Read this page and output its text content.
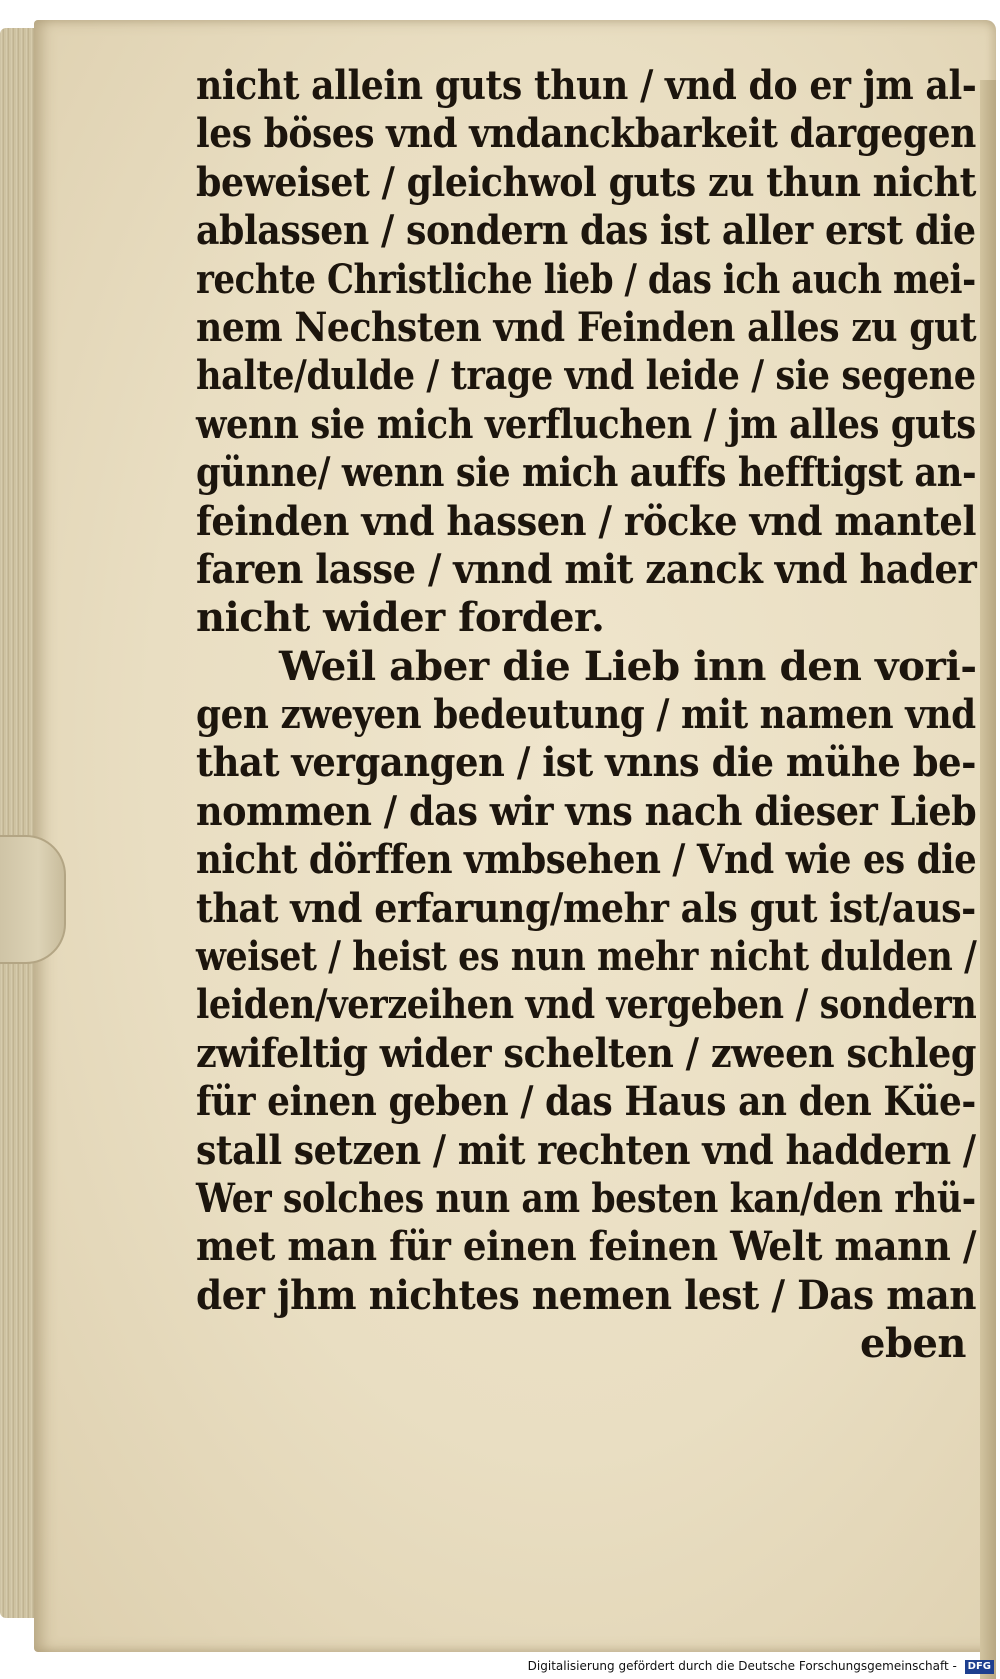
nicht allein guts thun / vnd do er jm al-
les böses vnd vndanckbarkeit dargegen
beweiset / gleichwol guts zu thun nicht
ablassen / sondern das ist aller erst die
rechte Christliche lieb / das ich auch mei-
nem Nechsten vnd Feinden alles zu gut
halte/dulde / trage vnd leide / sie segene
wenn sie mich verfluchen / jm alles guts
günne/ wenn sie mich auffs hefftigst an-
feinden vnd hassen / röcke vnd mantel
faren lasse / vnnd mit zanck vnd hader
nicht wider forder.
Weil aber die Lieb inn den vori-
gen zweyen bedeutung / mit namen vnd
that vergangen / ist vnns die mühe be-
nommen / das wir vns nach dieser Lieb
nicht dörffen vmbsehen / Vnd wie es die
that vnd erfarung/mehr als gut ist/aus-
weiset / heist es nun mehr nicht dulden /
leiden/verzeihen vnd vergeben / sondern
zwifeltig wider schelten / zween schleg
für einen geben / das Haus an den Küe-
stall setzen / mit rechten vnd haddern /
Wer solches nun am besten kan/den rhü-
met man für einen feinen Welt mann /
der jhm nichtes nemen lest / Das man
eben
Digitalisierung gefördert durch die Deutsche Forschungsgemeinschaft - DFG
